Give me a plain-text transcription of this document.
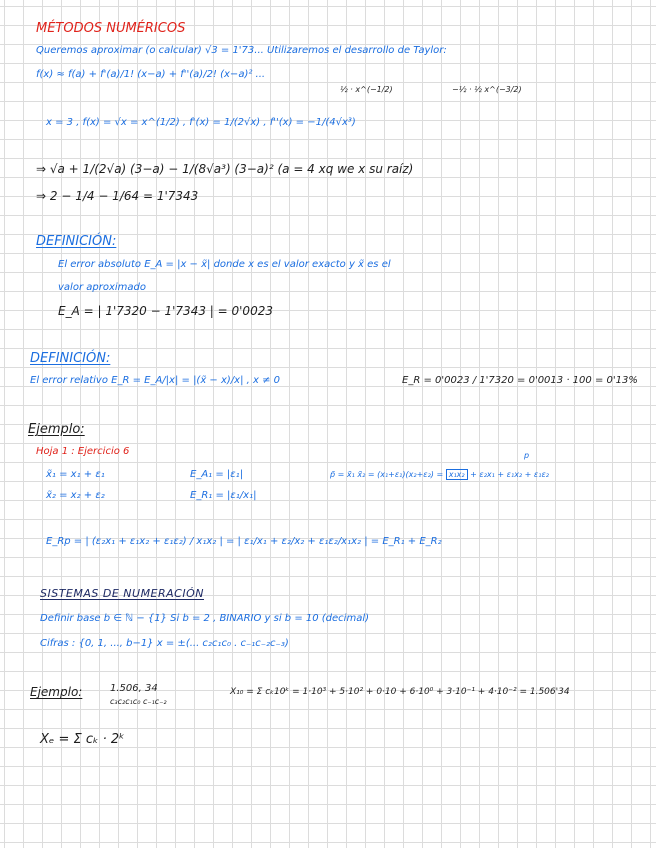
MÉTODOS NUMÉRICOS
Queremos aproximar (o calcular) √3 = 1'73... Utilizaremos el desarrollo de Taylor:
f(x) ≈ f(a) + f'(a)/1! (x−a) + f''(a)/2! (x−a)² ...
½ · x^(−1/2)	−½ · ½ x^(−3/2)
x = 3 , f(x) = √x = x^(1/2) , f'(x) = 1/(2√x) , f''(x) = −1/(4√x³)
⇒ √a + 1/(2√a) (3−a) − 1/(8√a³) (3−a)² (a = 4 xq we x su raíz)
⇒ 2 − 1/4 − 1/64 = 1'7343
DEFINICIÓN:
El error absoluto E_A = |x − x̃| donde x es el valor exacto y x̃ es el
valor aproximado
E_A = | 1'7320 − 1'7343 | = 0'0023
DEFINICIÓN:
El error relativo E_R = E_A/|x| = |(x̃ − x)/x| , x ≠ 0	E_R = 0'0023 / 1'7320 = 0'0013 · 100 = 0'13%
Ejemplo:
Hoja 1 : Ejercicio 6
x̃₁ = x₁ + ε₁
x̃₂ = x₂ + ε₂
E_A₁ = |ε₁|
E_R₁ = |ε₁/x₁|
p
p̃ = x̃₁ x̃₂ = (x₁+ε₁)(x₂+ε₂) = x₁x₂ + ε₂x₁ + ε₁x₂ + ε₁ε₂
E_Rp = | (ε₂x₁ + ε₁x₂ + ε₁ε₂) / x₁x₂ | = | ε₁/x₁ + ε₂/x₂ + ε₁ε₂/x₁x₂ | = E_R₁ + E_R₂
SISTEMAS DE NUMERACIÓN
Definir base b ∈ ℕ − {1} Si b = 2 , BINARIO y si b = 10 (decimal)
Cifras : {0, 1, ..., b−1} x = ±(... c₂c₁c₀ . c₋₁c₋₂c₋₃)
Ejemplo:	1.506, 34
c₃c₂c₁c₀ c₋₁c₋₂
X₁₀ = Σ cₖ10ᵏ = 1·10³ + 5·10² + 0·10 + 6·10⁰ + 3·10⁻¹ + 4·10⁻² = 1.506'34
Xₑ = Σ cₖ · 2ᵏ
